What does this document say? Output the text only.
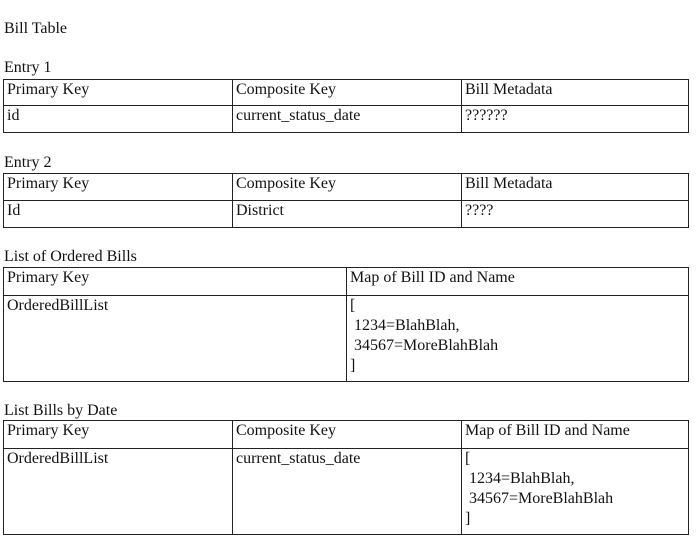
Bill Table
Entry 1
Primary Key	Composite Key	Bill Metadata
id	current_status_date	??????
Entry 2
Primary Key	Composite Key	Bill Metadata
Id	District	????
List of Ordered Bills
Primary Key	Map of Bill ID and Name
OrderedBillList	[
1234=BlahBlah,
34567=MoreBlahBlah
]
List Bills by Date
Primary Key	Composite Key	Map of Bill ID and Name
OrderedBillList	current_status_date	[
1234=BlahBlah,
34567=MoreBlahBlah
]
